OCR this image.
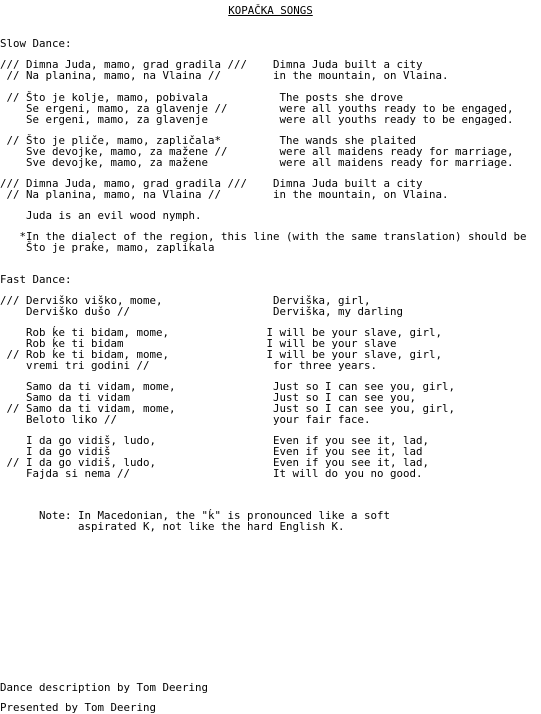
KOPAČKA SONGS
Slow Dance:
/// Dimna Juda, mamo, grad gradila ///    Dimna Juda built a city
// Na planina, mamo, na Vlaina //        in the mountain, on Vlaina.
// Što je kolje, mamo, pobivala           The posts she drove
Se ergeni, mamo, za glavenje //        were all youths ready to be engaged,
Se ergeni, mamo, za glavenje           were all youths ready to be engaged.
// Što je pliče, mamo, zapličala*         The wands she plaited
Sve devojke, mamo, za mažene //        were all maidens ready for marriage,
Sve devojke, mamo, za mažene           were all maidens ready for marriage.
/// Dimna Juda, mamo, grad gradila ///    Dimna Juda built a city
// Na planina, mamo, na Vlaina //        in the mountain, on Vlaina.
Juda is an evil wood nymph.
*In the dialect of the region, this line (with the same translation) should be
Što je praḱe, mamo, zapliḱala
Fast Dance:
/// Derviško viško, mome,                 Derviška, girl,
Derviško dušo //                      Derviška, my darling
Rob ḱe ti bidam, mome,               I will be your slave, girl,
Rob ḱe ti bidam                      I will be your slave
// Rob ḱe ti bidam, mome,               I will be your slave, girl,
vremi tri godini //                   for three years.
Samo da ti vidam, mome,               Just so I can see you, girl,
Samo da ti vidam                      Just so I can see you,
// Samo da ti vidam, mome,               Just so I can see you, girl,
Beloto liko //                        your fair face.
I da go vidiš, ludo,                  Even if you see it, lad,
I da go vidiš                         Even if you see it, lad
// I da go vidiš, ludo,                  Even if you see it, lad,
Fajda si nema //                      It will do you no good.
Note: In Macedonian, the "ḱ" is pronounced like a soft
aspirated K, not like the hard English K.
Dance description by Tom Deering
Presented by Tom Deering
